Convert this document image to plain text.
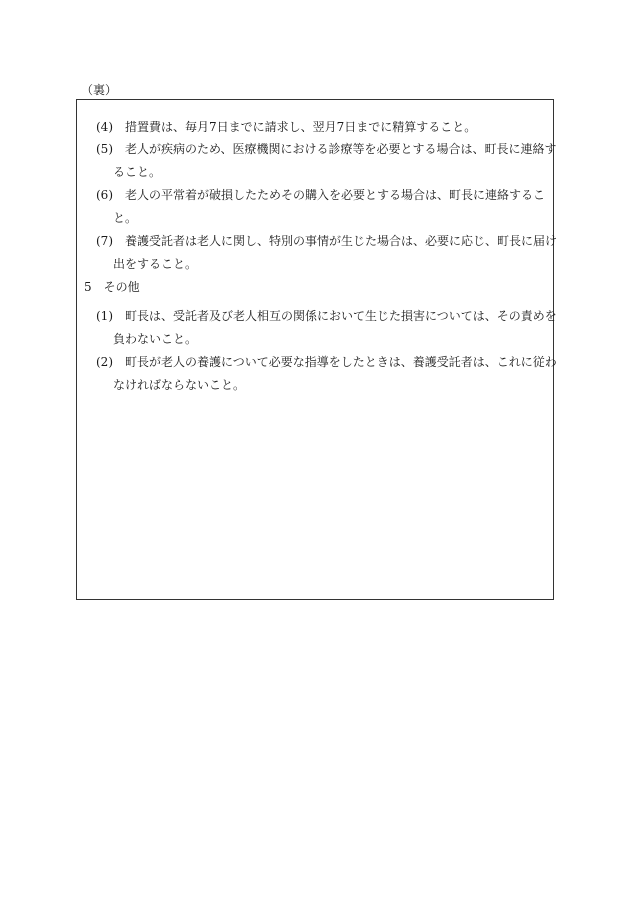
（裏）
(4) 措置費は、毎月7日までに請求し、翌月7日までに精算すること。
(5) 老人が疾病のため、医療機関における診療等を必要とする場合は、町長に連絡す
ること。
(6) 老人の平常着が破損したためその購入を必要とする場合は、町長に連絡するこ
と。
(7) 養護受託者は老人に関し、特別の事情が生じた場合は、必要に応じ、町長に届け
出をすること。
5　その他
(1) 町長は、受託者及び老人相互の関係において生じた損害については、その責めを
負わないこと。
(2) 町長が老人の養護について必要な指導をしたときは、養護受託者は、これに従わ
なければならないこと。
